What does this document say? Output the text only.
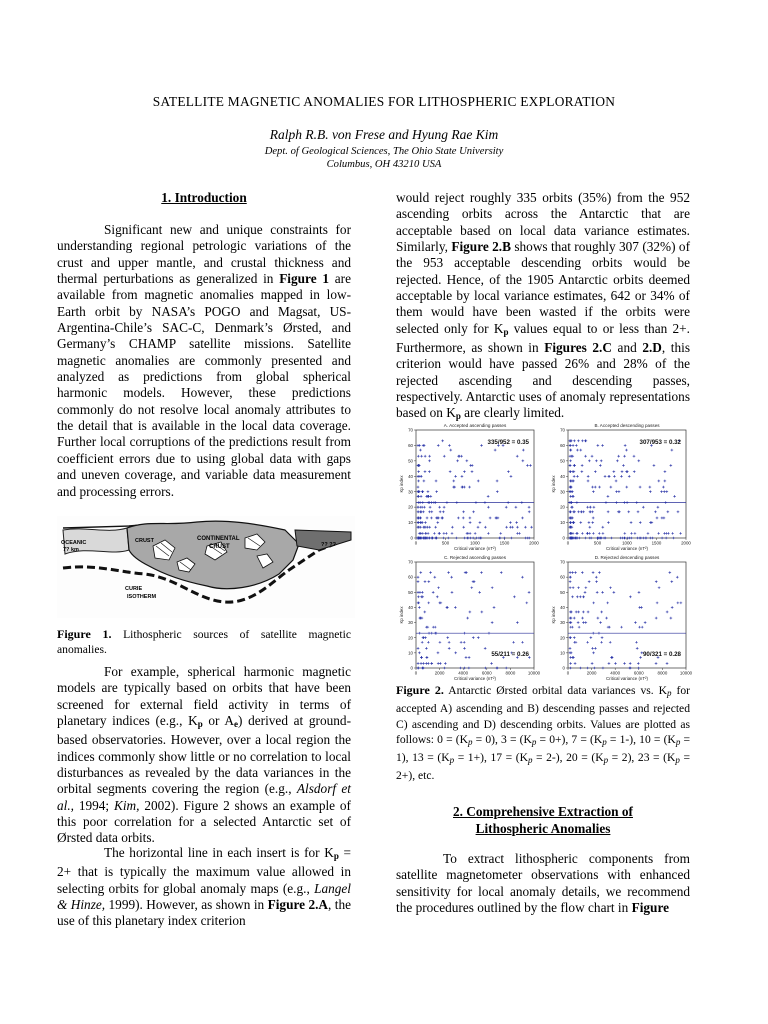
SATELLITE MAGNETIC ANOMALIES FOR LITHOSPHERIC EXPLORATION
Ralph R.B. von Frese and Hyung Rae Kim
Dept. of Geological Sciences, The Ohio State University
Columbus, OH 43210 USA
1. Introduction

Significant new and unique constraints for understanding regional petrologic variations of the crust and upper mantle, and crustal thickness and thermal perturbations as generalized in Figure 1 are available from magnetic anomalies mapped in low-Earth orbit by NASA’s POGO and Magsat, US-Argentina-Chile’s SAC-C, Denmark’s Ørsted, and Germany’s CHAMP satellite missions. Satellite magnetic anomalies are commonly presented and analyzed as predictions from global spherical harmonic models. However, these predictions commonly do not resolve local anomaly attributes to the detail that is available in the local data coverage. Further local corruptions of the predictions result from coefficient errors due to using global data with gaps and uneven coverage, and variable data measurement and processing errors.

OCEANIC
7? km
CRUST	CONTINENTAL
CRUST
CURIE
ISOTHERM
?? ??
Figure 1. Lithospheric sources of satellite magnetic anomalies.

For example, spherical harmonic magnetic models are typically based on orbits that have been screened for external field activity in terms of planetary indices (e.g., $K_p$ or $A_e$) derived at ground-based observatories. However, over a local region the indices commonly show little or no correlation to local disturbances as revealed by the data variances in the orbital segments covering the region (e.g., Alsdorf et al., 1994; Kim, 2002). Figure 2 shows an example of this poor correlation for a selected Antarctic set of Ørsted data orbits.

The horizontal line in each insert is for $K_p = 2+$ that is typically the maximum value allowed in selecting orbits for global anomaly maps (e.g., Langel & Hinze, 1999). However, as shown in Figure 2.A, the use of this planetary index criterion

would reject roughly 335 orbits (35%) from the 952 ascending orbits across the Antarctic that are acceptable based on local data variance estimates. Similarly, Figure 2.B shows that roughly 307 (32%) of the 953 acceptable descending orbits would be rejected. Hence, of the 1905 Antarctic orbits deemed acceptable by local variance estimates, 642 or 34% of them would have been wasted if the orbits were selected only for $K_p$ values equal to or less than 2+. Furthermore, as shown in Figures 2.C and 2.D, this criterion would have passed 26% and 28% of the rejected ascending and descending passes, respectively. Antarctic uses of anomaly representations based on $K_p$ are clearly limited.

A. Accepted ascending passes
0
10
20
30
40
50
60
70
0	500	1000	1500	2000
Critical variance (nT²)
Kp index
335/952 = 0.35
B. Accepted descending passes
0
10
20
30
40
50
60
70
0	500	1000	1500	2000
Critical variance (nT²)
Kp index
307/953 = 0.32
C. Rejected ascending passes
0
10
20
30
40
50
60
70
0	2000	4000	6000	8000	10000
Critical variance (nT²)
Kp index
55/211 = 0.26
D. Rejected descending passes
0
10
20
30
40
50
60
70
0	2000	4000	6000	8000	10000
Critical variance (nT²)
Kp index
90/321 = 0.28
Figure 2. Antarctic Ørsted orbital data variances vs. Kp for accepted A) ascending and B) descending passes and rejected C) ascending and D) descending orbits. Values are plotted as follows: 0 = (Kp = 0), 3 = (Kp = 0+), 7 = (Kp = 1-), 10 = (Kp = 1), 13 = (Kp = 1+), 17 = (Kp = 2-), 20 = (Kp = 2), 23 = (Kp = 2+), etc.
2. Comprehensive Extraction of
Lithospheric Anomalies

To extract lithospheric components from satellite magnetometer observations with enhanced sensitivity for local anomaly details, we recommend the procedures outlined by the flow chart in Figure
